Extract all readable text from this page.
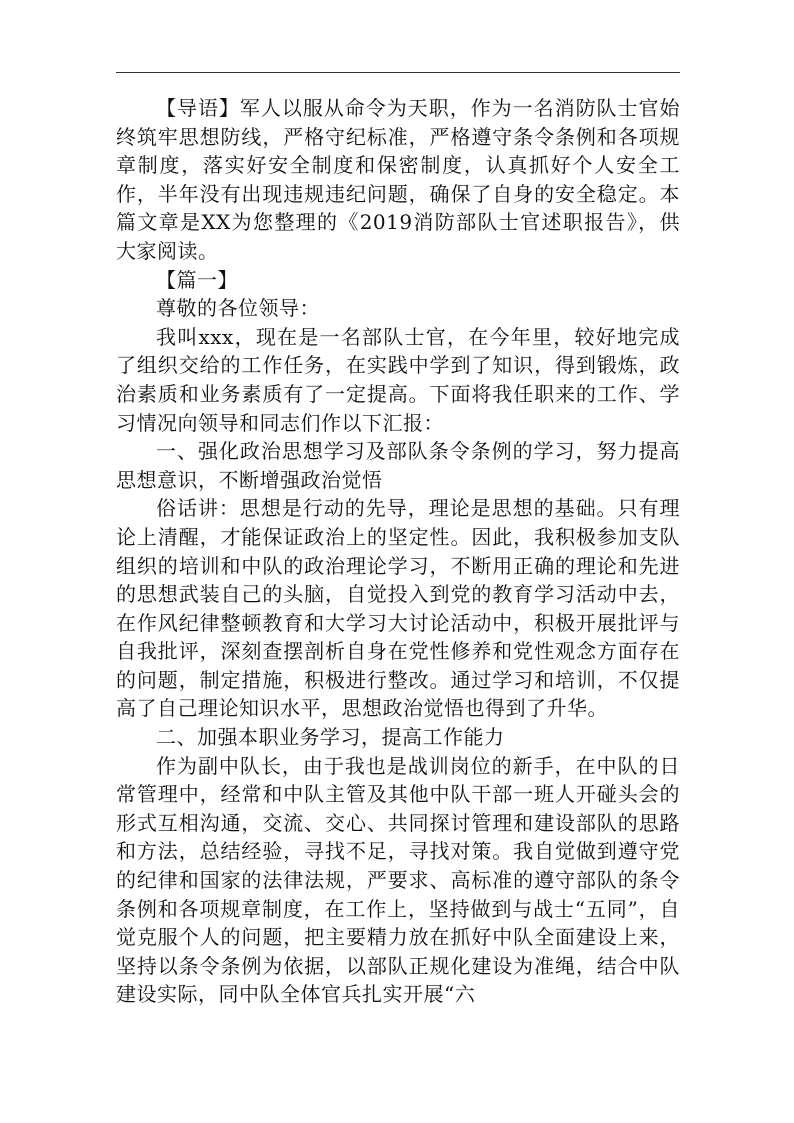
【导语】军人以服从命令为天职，作为一名消防队士官始终筑牢思想防线，严格守纪标准，严格遵守条令条例和各项规章制度，落实好安全制度和保密制度，认真抓好个人安全工作，半年没有出现违规违纪问题，确保了自身的安全稳定。本篇文章是XX为您整理的《2019消防部队士官述职报告》，供大家阅读。

【篇一】

尊敬的各位领导：

我叫xxx，现在是一名部队士官，在今年里，较好地完成了组织交给的工作任务，在实践中学到了知识，得到锻炼，政治素质和业务素质有了一定提高。下面将我任职来的工作、学习情况向领导和同志们作以下汇报：

一、强化政治思想学习及部队条令条例的学习，努力提高思想意识，不断增强政治觉悟

俗话讲：思想是行动的先导，理论是思想的基础。只有理论上清醒，才能保证政治上的坚定性。因此，我积极参加支队组织的培训和中队的政治理论学习，不断用正确的理论和先进的思想武装自己的头脑，自觉投入到党的教育学习活动中去，在作风纪律整顿教育和大学习大讨论活动中，积极开展批评与自我批评，深刻查摆剖析自身在党性修养和党性观念方面存在的问题，制定措施，积极进行整改。通过学习和培训，不仅提高了自己理论知识水平，思想政治觉悟也得到了升华。

二、加强本职业务学习，提高工作能力

作为副中队长，由于我也是战训岗位的新手，在中队的日常管理中，经常和中队主管及其他中队干部一班人开碰头会的形式互相沟通，交流、交心、共同探讨管理和建设部队的思路和方法，总结经验，寻找不足，寻找对策。我自觉做到遵守党的纪律和国家的法律法规，严要求、高标准的遵守部队的条令条例和各项规章制度，在工作上，坚持做到与战士“五同”，自觉克服个人的问题，把主要精力放在抓好中队全面建设上来，坚持以条令条例为依据，以部队正规化建设为准绳，结合中队建设实际，同中队全体官兵扎实开展“六
